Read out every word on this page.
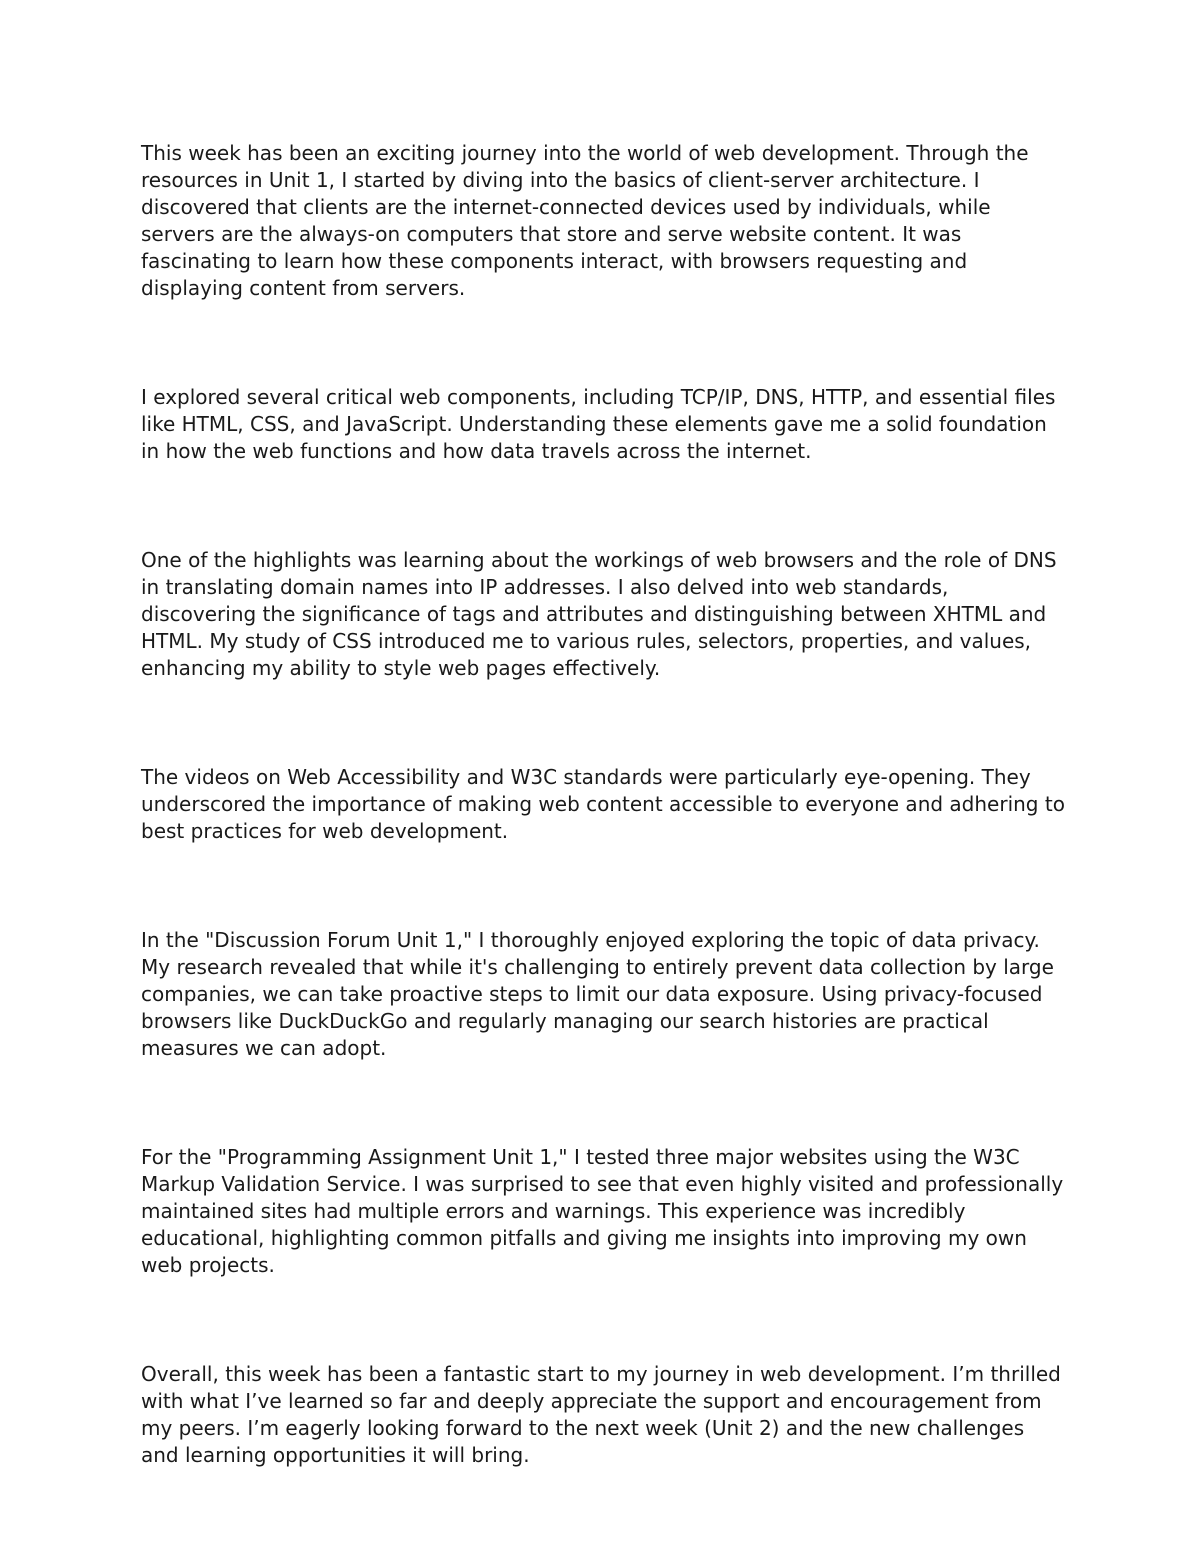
This week has been an exciting journey into the world of web development. Through the resources in Unit 1, I started by diving into the basics of client-server architecture. I discovered that clients are the internet-connected devices used by individuals, while servers are the always-on computers that store and serve website content. It was fascinating to learn how these components interact, with browsers requesting and displaying content from servers.

I explored several critical web components, including TCP/IP, DNS, HTTP, and essential files like HTML, CSS, and JavaScript. Understanding these elements gave me a solid foundation in how the web functions and how data travels across the internet.

One of the highlights was learning about the workings of web browsers and the role of DNS in translating domain names into IP addresses. I also delved into web standards, discovering the significance of tags and attributes and distinguishing between XHTML and HTML. My study of CSS introduced me to various rules, selectors, properties, and values, enhancing my ability to style web pages effectively.

The videos on Web Accessibility and W3C standards were particularly eye-opening. They underscored the importance of making web content accessible to everyone and adhering to best practices for web development.

In the "Discussion Forum Unit 1," I thoroughly enjoyed exploring the topic of data privacy. My research revealed that while it's challenging to entirely prevent data collection by large companies, we can take proactive steps to limit our data exposure. Using privacy-focused browsers like DuckDuckGo and regularly managing our search histories are practical measures we can adopt.

For the "Programming Assignment Unit 1," I tested three major websites using the W3C Markup Validation Service. I was surprised to see that even highly visited and professionally maintained sites had multiple errors and warnings. This experience was incredibly educational, highlighting common pitfalls and giving me insights into improving my own web projects.

Overall, this week has been a fantastic start to my journey in web development. I’m thrilled with what I’ve learned so far and deeply appreciate the support and encouragement from my peers. I’m eagerly looking forward to the next week (Unit 2) and the new challenges and learning opportunities it will bring.
